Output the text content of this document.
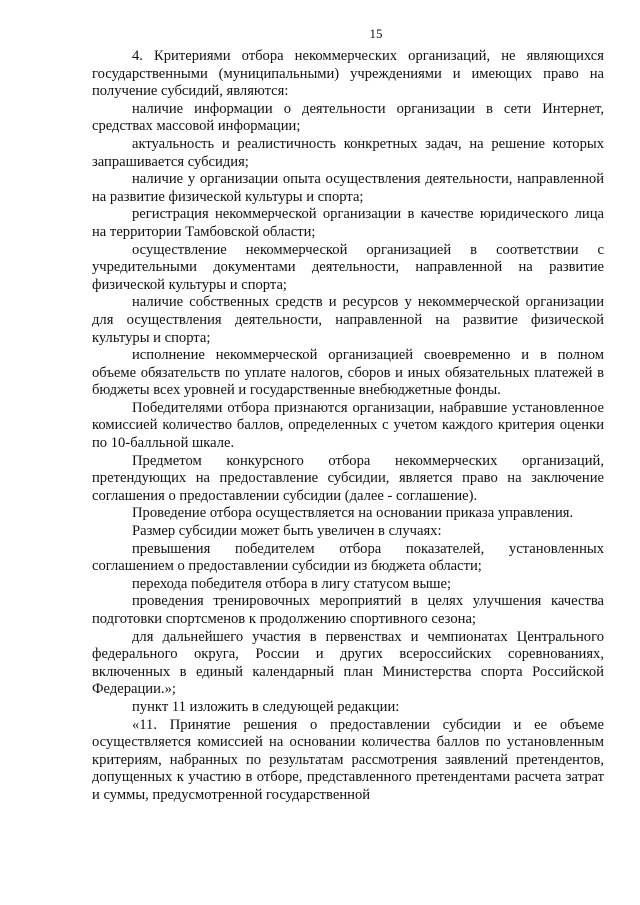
15

4. Критериями отбора некоммерческих организаций, не являющихся государственными (муниципальными) учреждениями и имеющих право на получение субсидий, являются:

наличие информации о деятельности организации в сети Интернет, средствах массовой информации;

актуальность и реалистичность конкретных задач, на решение которых запрашивается субсидия;

наличие у организации опыта осуществления деятельности, направленной на развитие физической культуры и спорта;

регистрация некоммерческой организации в качестве юридического лица на территории Тамбовской области;

осуществление некоммерческой организацией в соответствии с учредительными документами деятельности, направленной на развитие физической культуры и спорта;

наличие собственных средств и ресурсов у некоммерческой организации для осуществления деятельности, направленной на развитие физической культуры и спорта;

исполнение некоммерческой организацией своевременно и в полном объеме обязательств по уплате налогов, сборов и иных обязательных платежей в бюджеты всех уровней и государственные внебюджетные фонды.

Победителями отбора признаются организации, набравшие установленное комиссией количество баллов, определенных с учетом каждого критерия оценки по 10-балльной шкале.

Предметом конкурсного отбора некоммерческих организаций, претендующих на предоставление субсидии, является право на заключение соглашения о предоставлении субсидии (далее - соглашение).

Проведение отбора осуществляется на основании приказа управления.

Размер субсидии может быть увеличен в случаях:

превышения победителем отбора показателей, установленных соглашением о предоставлении субсидии из бюджета области;

перехода победителя отбора в лигу статусом выше;

проведения тренировочных мероприятий в целях улучшения качества подготовки спортсменов к продолжению спортивного сезона;

для дальнейшего участия в первенствах и чемпионатах Центрального федерального округа, России и других всероссийских соревнованиях, включенных в единый календарный план Министерства спорта Российской Федерации.»;

пункт 11 изложить в следующей редакции:

«11. Принятие решения о предоставлении субсидии и ее объеме осуществляется комиссией на основании количества баллов по установленным критериям, набранных по результатам рассмотрения заявлений претендентов, допущенных к участию в отборе, представленного претендентами расчета затрат и суммы, предусмотренной государственной
